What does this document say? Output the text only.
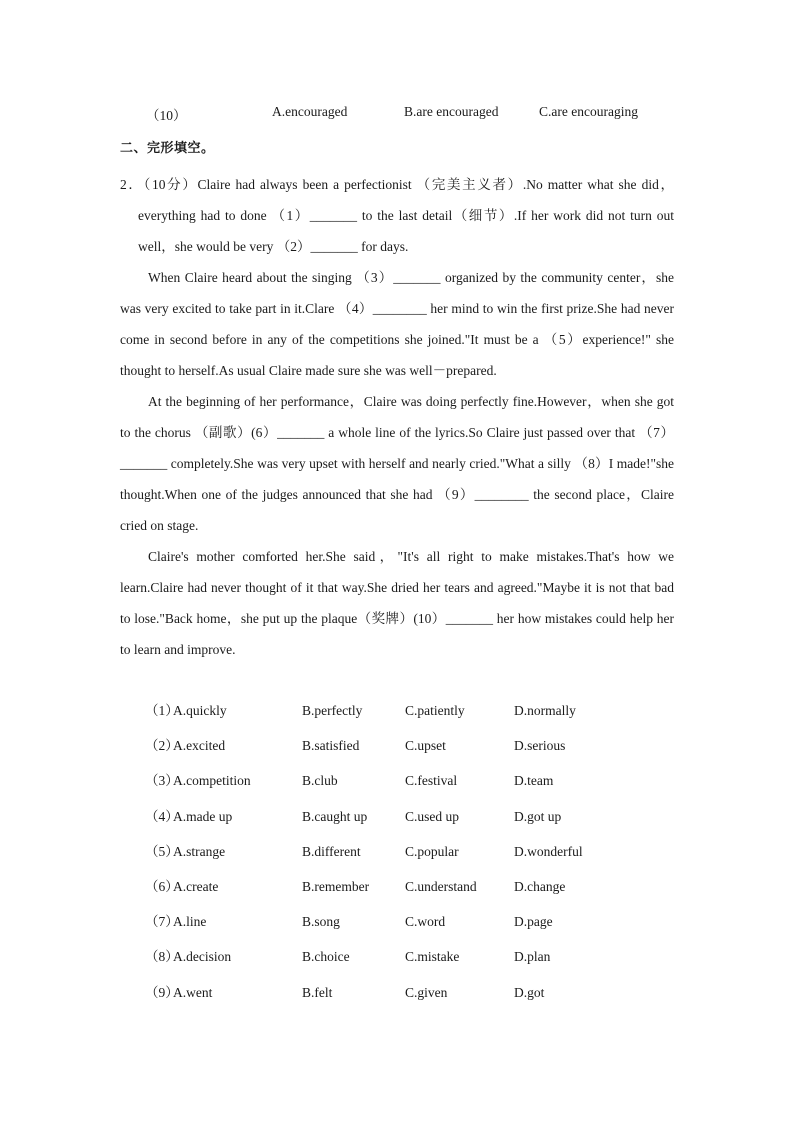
（10）	A.encouraged	B.are encouraged	C.are encouraging
二、完形填空。

2．（10分）Claire had always been a perfectionist （完美主义者）.No matter what she did，everything had to done （1）_______ to the last detail（细节）.If her work did not turn out well，she would be very （2）_______ for days.

When Claire heard about the singing （3）_______ organized by the community center，she was very excited to take part in it.Clare （4）________ her mind to win the first prize.She had never come in second before in any of the competitions she joined."It must be a （5）experience!" she thought to herself.As usual Claire made sure she was well－prepared.

At the beginning of her performance，Claire was doing perfectly fine.However，when she got to the chorus （副歌）(6）_______ a whole line of the lyrics.So Claire just passed over that （7）_______ completely.She was very upset with herself and nearly cried."What a silly （8）I made!"she thought.When one of the judges announced that she had （9）________ the second place，Claire cried on stage.

Claire's mother comforted her.She said，"It's all right to make mistakes.That's how we learn.Claire had never thought of it that way.She dried her tears and agreed."Maybe it is not that bad to lose."Back home，she put up the plaque（奖牌）(10）_______ her how mistakes could help her to learn and improve.

（1）
A.quickly	B.perfectly	C.patiently	D.normally
（2）
A.excited	B.satisfied	C.upset	D.serious
（3）
A.competition	B.club	C.festival	D.team
（4）
A.made up	B.caught up	C.used up	D.got up
（5）
A.strange	B.different	C.popular	D.wonderful
（6）
A.create	B.remember	C.understand	D.change
（7）
A.line	B.song	C.word	D.page
（8）
A.decision	B.choice	C.mistake	D.plan
（9）
A.went	B.felt	C.given	D.got
